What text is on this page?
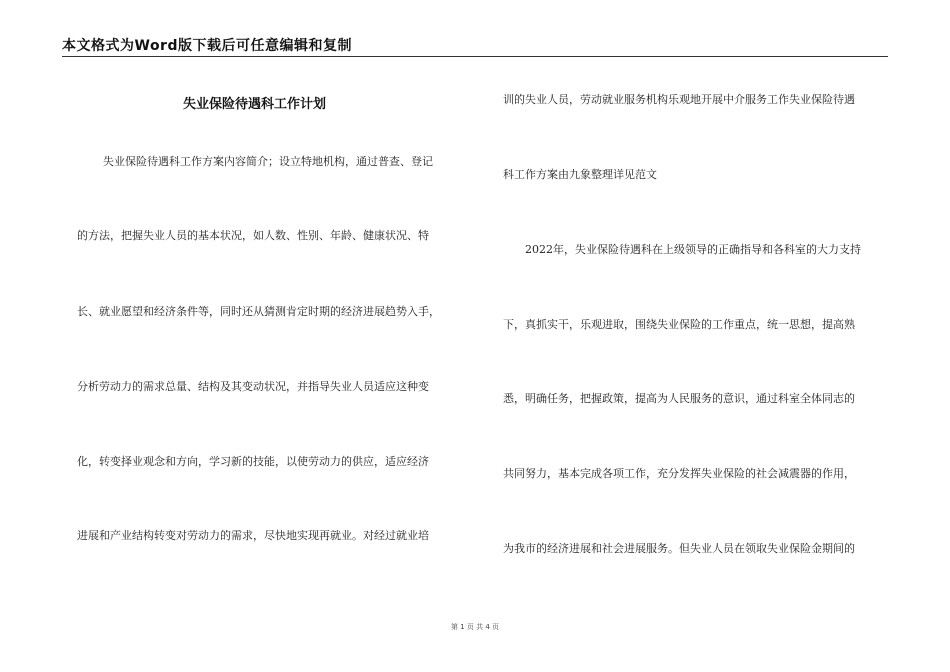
本文格式为Word版下载后可任意编辑和复制
失业保险待遇科工作计划
失业保险待遇科工作方案内容简介；设立特地机构，通过普查、登记
的方法，把握失业人员的基本状况，如人数、性别、年龄、健康状况、特
长、就业愿望和经济条件等，同时还从猜测肯定时期的经济进展趋势入手，
分析劳动力的需求总量、结构及其变动状况，并指导失业人员适应这种变
化，转变择业观念和方向，学习新的技能，以使劳动力的供应，适应经济
进展和产业结构转变对劳动力的需求，尽快地实现再就业。对经过就业培
训的失业人员，劳动就业服务机构乐观地开展中介服务工作失业保险待遇
科工作方案由九象整理详见范文
2022年，失业保险待遇科在上级领导的正确指导和各科室的大力支持
下，真抓实干，乐观进取，围绕失业保险的工作重点，统一思想，提高熟
悉，明确任务，把握政策，提高为人民服务的意识，通过科室全体同志的
共同努力，基本完成各项工作，充分发挥失业保险的社会减震器的作用，
为我市的经济进展和社会进展服务。但失业人员在领取失业保险金期间的
第 1 页 共 4 页
